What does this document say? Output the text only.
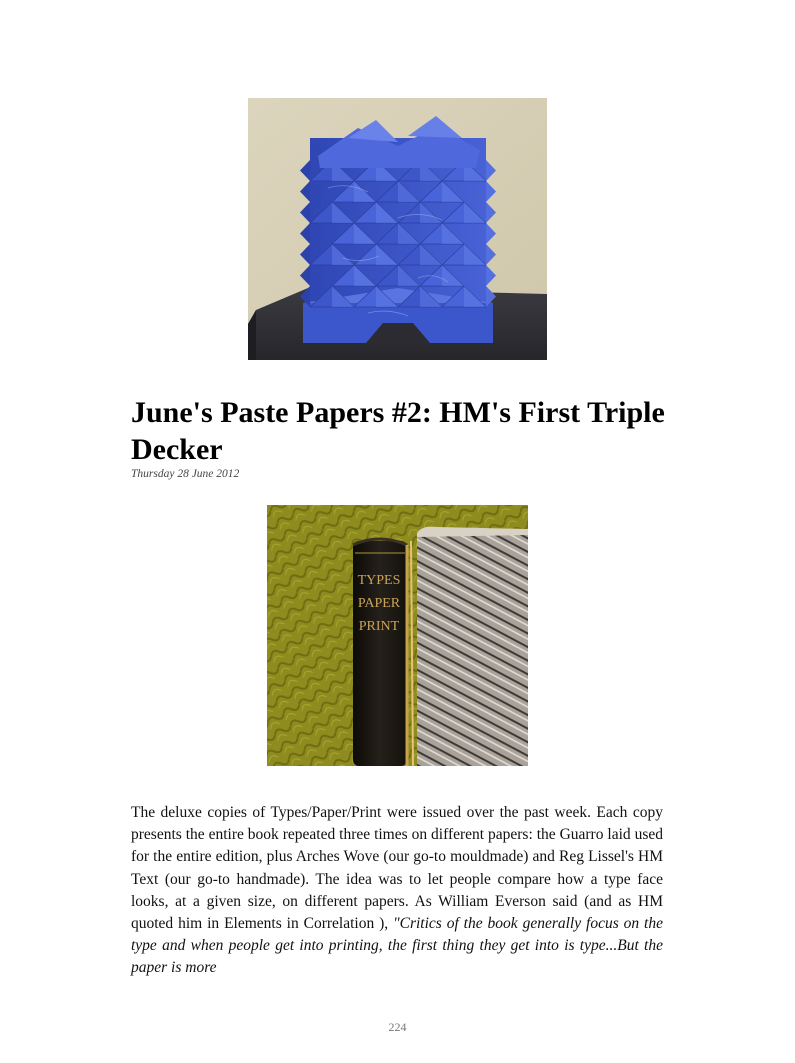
June's Paste Papers #2: HM's First Triple Decker
Thursday 28 June 2012
TYPES
PAPER
PRINT

The deluxe copies of Types/Paper/Print were issued over the past week. Each copy presents the entire book repeated three times on different papers: the Guarro laid used for the entire edition, plus Arches Wove (our go-to mouldmade) and Reg Lissel's HM Text (our go-to handmade). The idea was to let people compare how a type face looks, at a given size, on different papers. As William Everson said (and as HM quoted him in Elements in Correlation ), "Critics of the book generally focus on the type and when people get into printing, the first thing they get into is type...But the paper is more

224
